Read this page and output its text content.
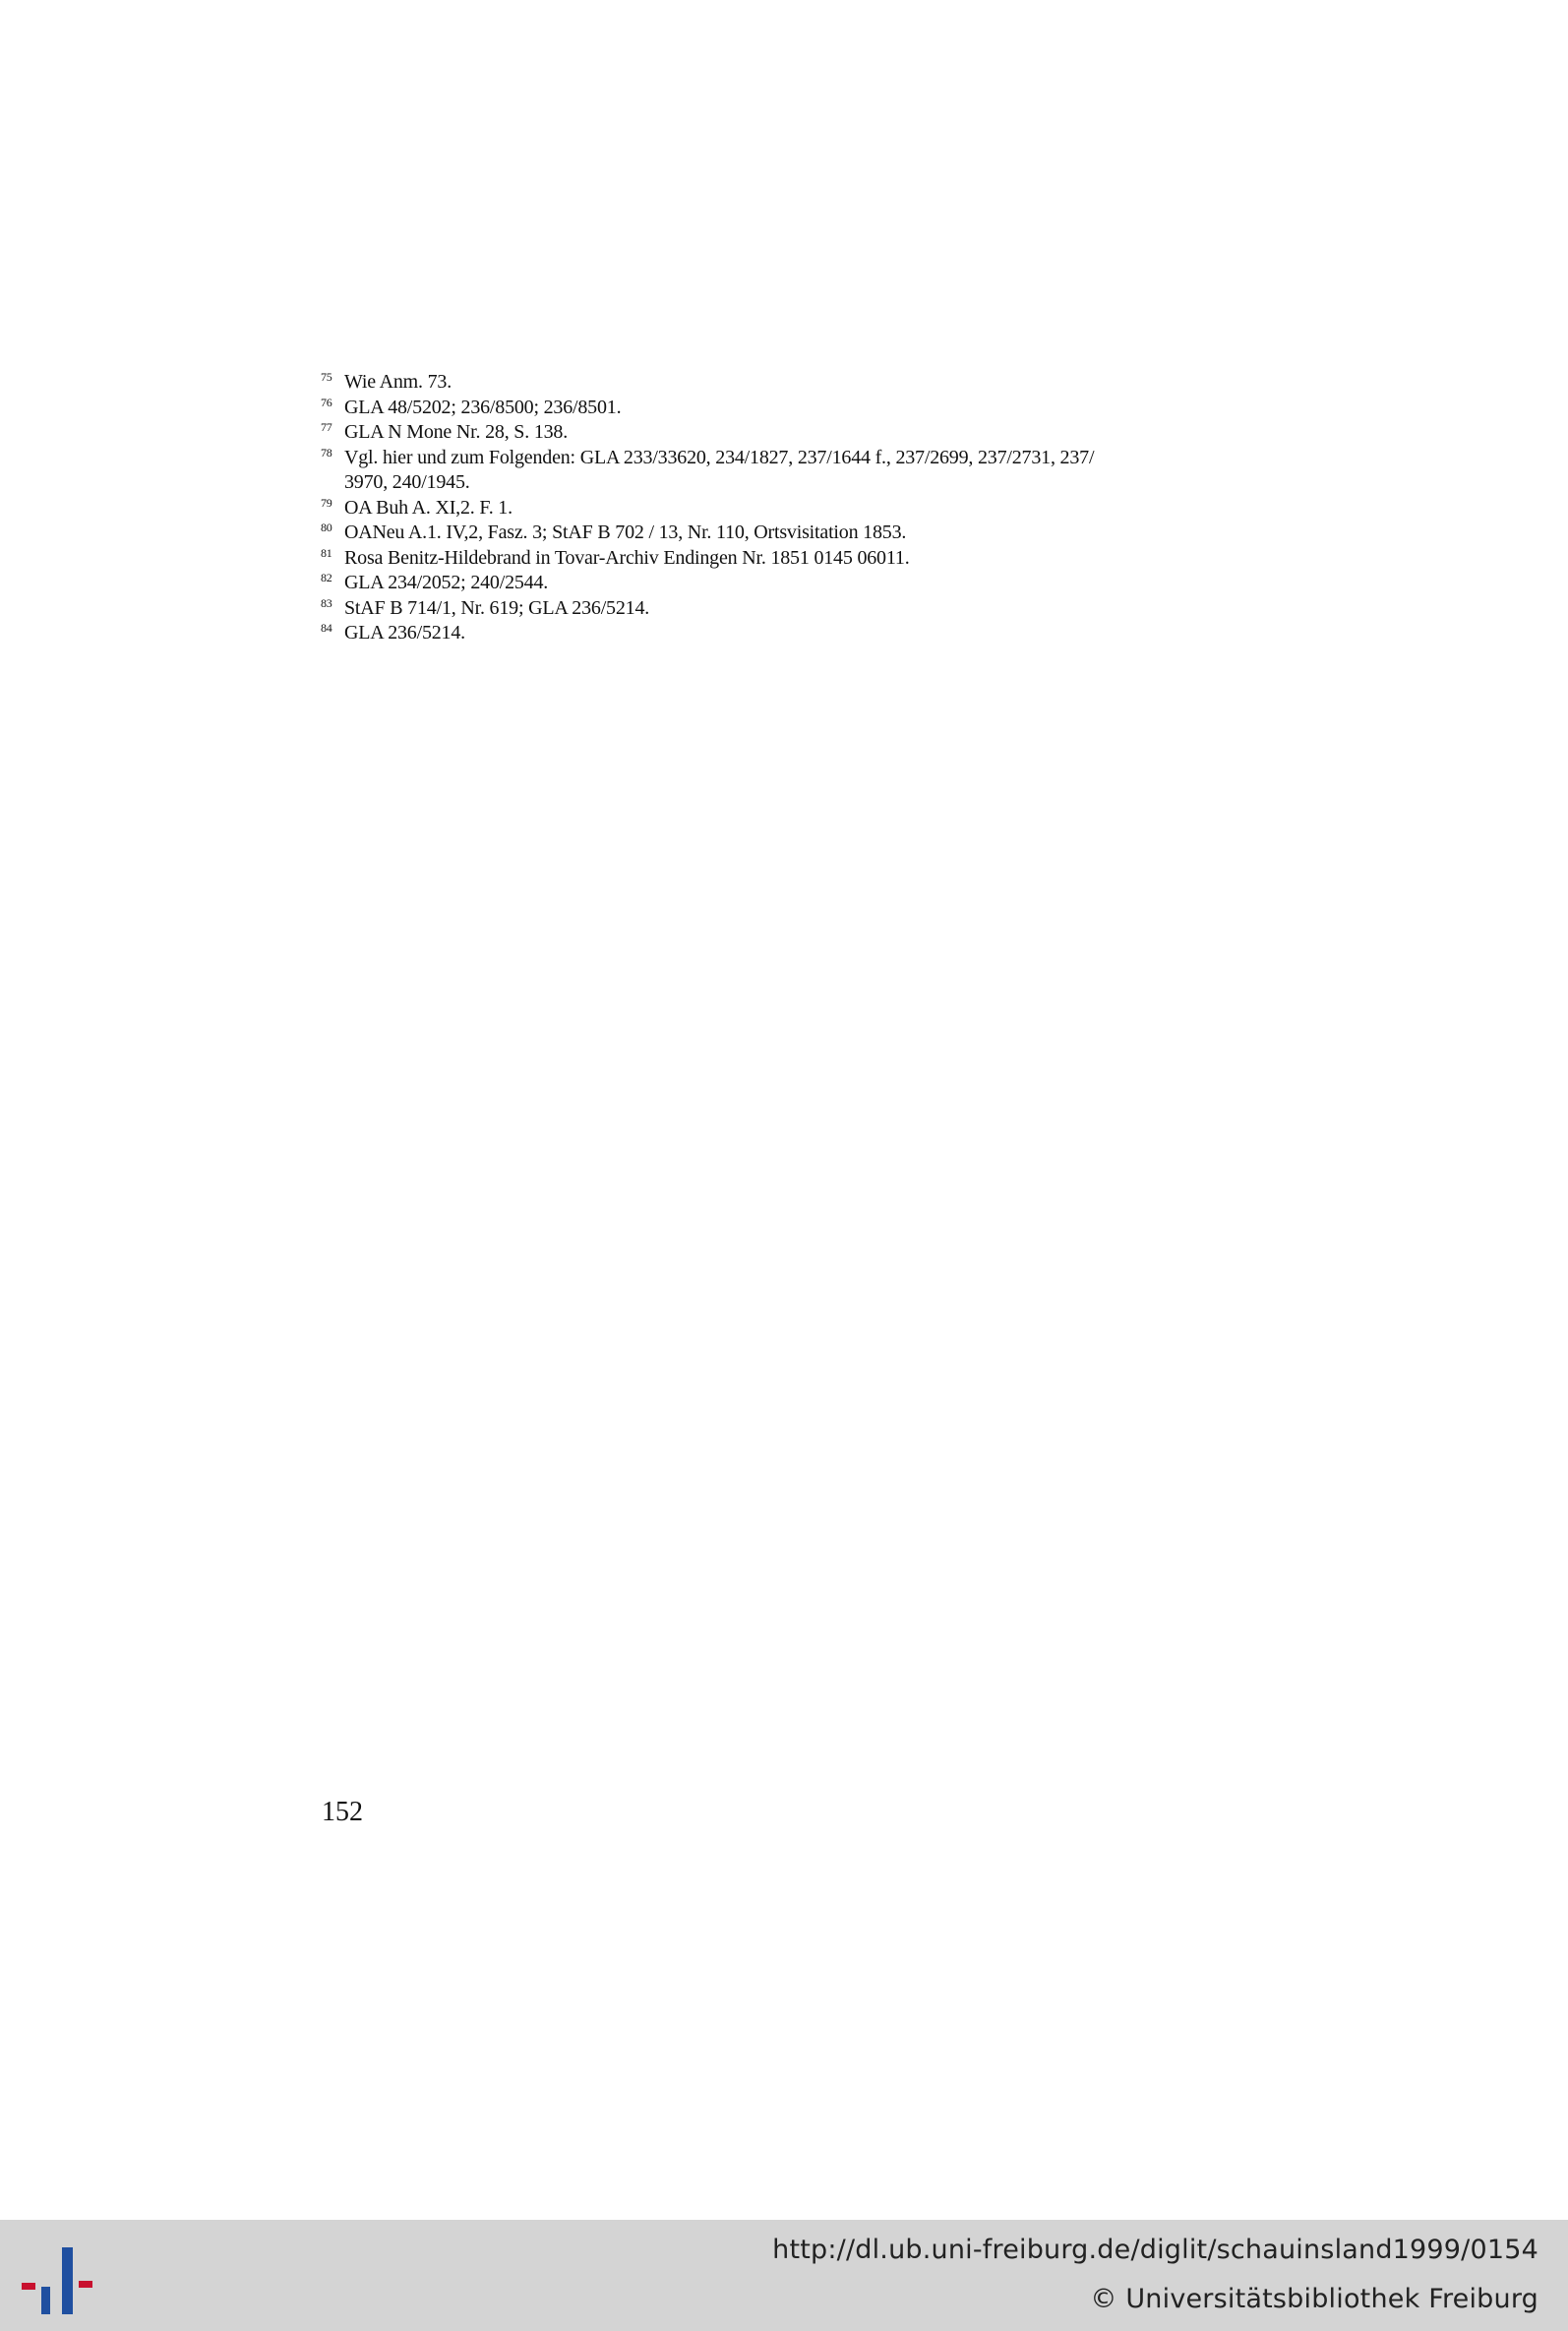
75 Wie Anm. 73.
76 GLA 48/5202; 236/8500; 236/8501.
77 GLA N Mone Nr. 28, S. 138.
78 Vgl. hier und zum Folgenden: GLA 233/33620, 234/1827, 237/1644 f., 237/2699, 237/2731, 237/
3970, 240/1945.
79 OA Buh A. XI,2. F. 1.
80 OANeu A.1. IV,2, Fasz. 3; StAF B 702 / 13, Nr. 110, Ortsvisitation 1853.
81 Rosa Benitz-Hildebrand in Tovar-Archiv Endingen Nr. 1851 0145 06011.
82 GLA 234/2052; 240/2544.
83 StAF B 714/1, Nr. 619; GLA 236/5214.
84 GLA 236/5214.
152
http://dl.ub.uni-freiburg.de/diglit/schauinsland1999/0154
© Universitätsbibliothek Freiburg
